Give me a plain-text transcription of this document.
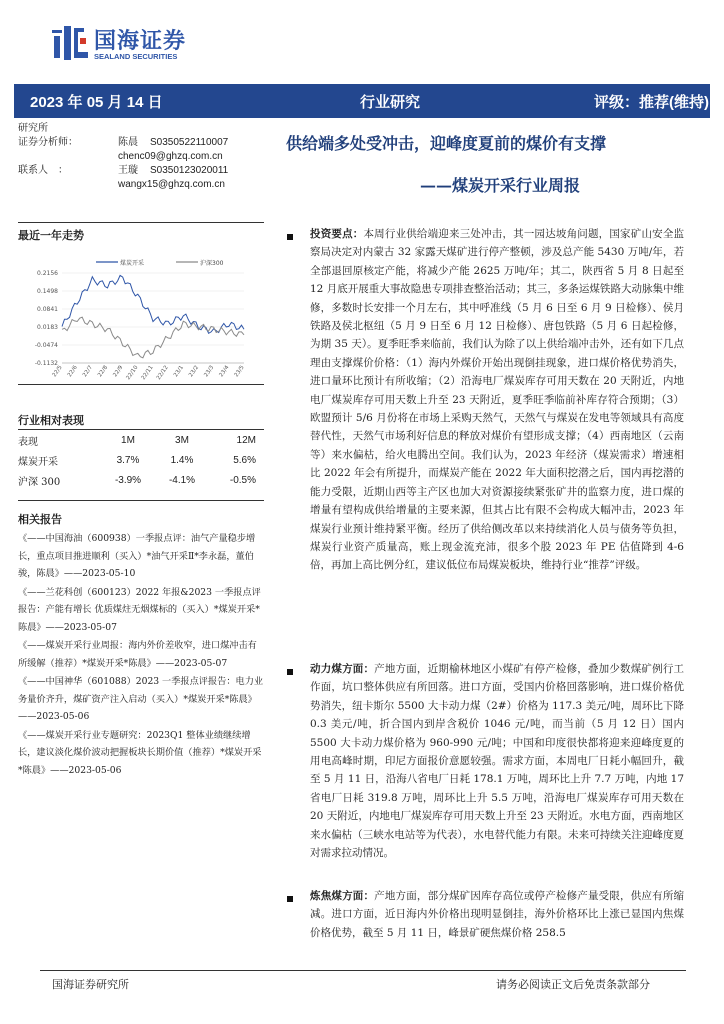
国海证券
SEALAND SECURITIES
2023 年 05 月 14 日	行业研究	评级：推荐(维持)
研究所
证券分析师：	陈晨 S0350522110007
chenc09@ghzq.com.cn
联系人　：	王璇 S0350123020011
wangx15@ghzq.com.cn
供给端多处受冲击，迎峰度夏前的煤价有支撑
——煤炭开采行业周报
最近一年走势
煤炭开采	沪深300
0.2156
0.1498
0.0841
0.0183
-0.0474
-0.1132
22/5 22/6 22/7 22/8 22/9 22/10 22/11 22/12 23/1 23/2 23/3 23/4 23/5
行业相对表现
表现	1M	3M	12M
煤炭开采	3.7%	1.4%	5.6%
沪深 300	-3.9%	-4.1%	-0.5%
相关报告
《——中国海油（600938）一季报点评：油气产量稳步增长，重点项目推进顺利（买入）*油气开采Ⅱ*李永磊，董伯骏，陈晨》——2023-05-10
《——兰花科创（600123）2022 年报&2023 一季报点评报告：产能有增长 优质煤炷无烟煤标的（买入）*煤炭开采*陈晨》——2023-05-07
《——煤炭开采行业周报：海内外价差收窄，进口煤冲击有所缓解（推荐）*煤炭开采*陈晨》——2023-05-07
《——中国神华（601088）2023 一季报点评报告：电力业务量价齐升，煤矿资产注入启动（买入）*煤炭开采*陈晨》——2023-05-06
《——煤炭开采行业专题研究：2023Q1 整体业绩继续增长，建议淡化煤价波动把握板块长期价值（推荐）*煤炭开采*陈晨》——2023-05-06
投资要点：本周行业供给端迎来三处冲击，其一园达坡角问题，国家矿山安全监察局决定对内蒙古 32 家露天煤矿进行停产整顿，涉及总产能 5430 万吨/年，若全部退回原核定产能，将减少产能 2625 万吨/年；其二，陕西省 5 月 8 日起至 12 月底开展重大事故隐患专项排查整治活动；其三，多条运煤铁路大动脉集中维修，多数时长安排一个月左右，其中呼准线（5 月 6 日至 6 月 9 日检修）、侯月铁路及侯北枢纽（5 月 9 日至 6 月 12 日检修）、唐包铁路（5 月 6 日起检修，为期 35 天）。夏季旺季来临前，我们认为除了以上供给端冲击外，还有如下几点理由支撑煤价价格：（1）海内外煤价开始出现倒挂现象，进口煤价格优势消失，进口量环比预计有所收缩；（2）沿海电厂煤炭库存可用天数在 20 天附近，内地电厂煤炭库存可用天数上升至 23 天附近，夏季旺季临前补库存符合预期；（3）欧盟预计 5/6 月份将在市场上采购天然气，天然气与煤炭在发电等领域具有高度替代性，天然气市场利好信息的释放对煤价有望形成支撑；（4）西南地区（云南等）来水偏枯，给火电腾出空间。我们认为，2023 年经济（煤炭需求）增速相比 2022 年会有所提升，而煤炭产能在 2022 年大面积挖潜之后，国内再挖潜的能力受限，近期山西等主产区也加大对资源接续紧张矿井的监察力度，进口煤的增量有望构成供给增量的主要来源，但其占比有限不会构成大幅冲击，2023 年煤炭行业预计维持紧平衡。经历了供给侧改革以来持续消化人员与债务等负担，煤炭行业资产质量高，账上现金流充沛，很多个股 2023 年 PE 估值降到 4-6 倍，再加上高比例分红，建议低位布局煤炭板块，维持行业“推荐”评级。
动力煤方面：产地方面，近期榆林地区小煤矿有停产检修，叠加少数煤矿例行工作面，坑口整体供应有所回落。进口方面，受国内价格回落影响，进口煤价格优势消失，纽卡斯尔 5500 大卡动力煤（2#）价格为 117.3 美元/吨，周环比下降 0.3 美元/吨，折合国内到岸含税价 1046 元/吨，而当前（5 月 12 日）国内 5500 大卡动力煤价格为 960-990 元/吨；中国和印度很快都将迎来迎峰度夏的用电高峰时期，印尼方面报价意愿较强。需求方面，本周电厂日耗小幅回升，截至 5 月 11 日，沿海八省电厂日耗 178.1 万吨，周环比上升 7.7 万吨，内地 17 省电厂日耗 319.8 万吨，周环比上升 5.5 万吨，沿海电厂煤炭库存可用天数在 20 天附近，内地电厂煤炭库存可用天数上升至 23 天附近。水电方面，西南地区来水偏枯（三峡水电站等为代表），水电替代能力有限。未来可持续关注迎峰度夏对需求拉动情况。
炼焦煤方面：产地方面，部分煤矿因库存高位或停产检修产量受限，供应有所缩减。进口方面，近日海内外价格出现明显倒挂，海外价格环比上涨已显国内焦煤价格优势，截至 5 月 11 日，峰景矿硬焦煤价格 258.5
国海证券研究所	请务必阅读正文后免责条款部分
